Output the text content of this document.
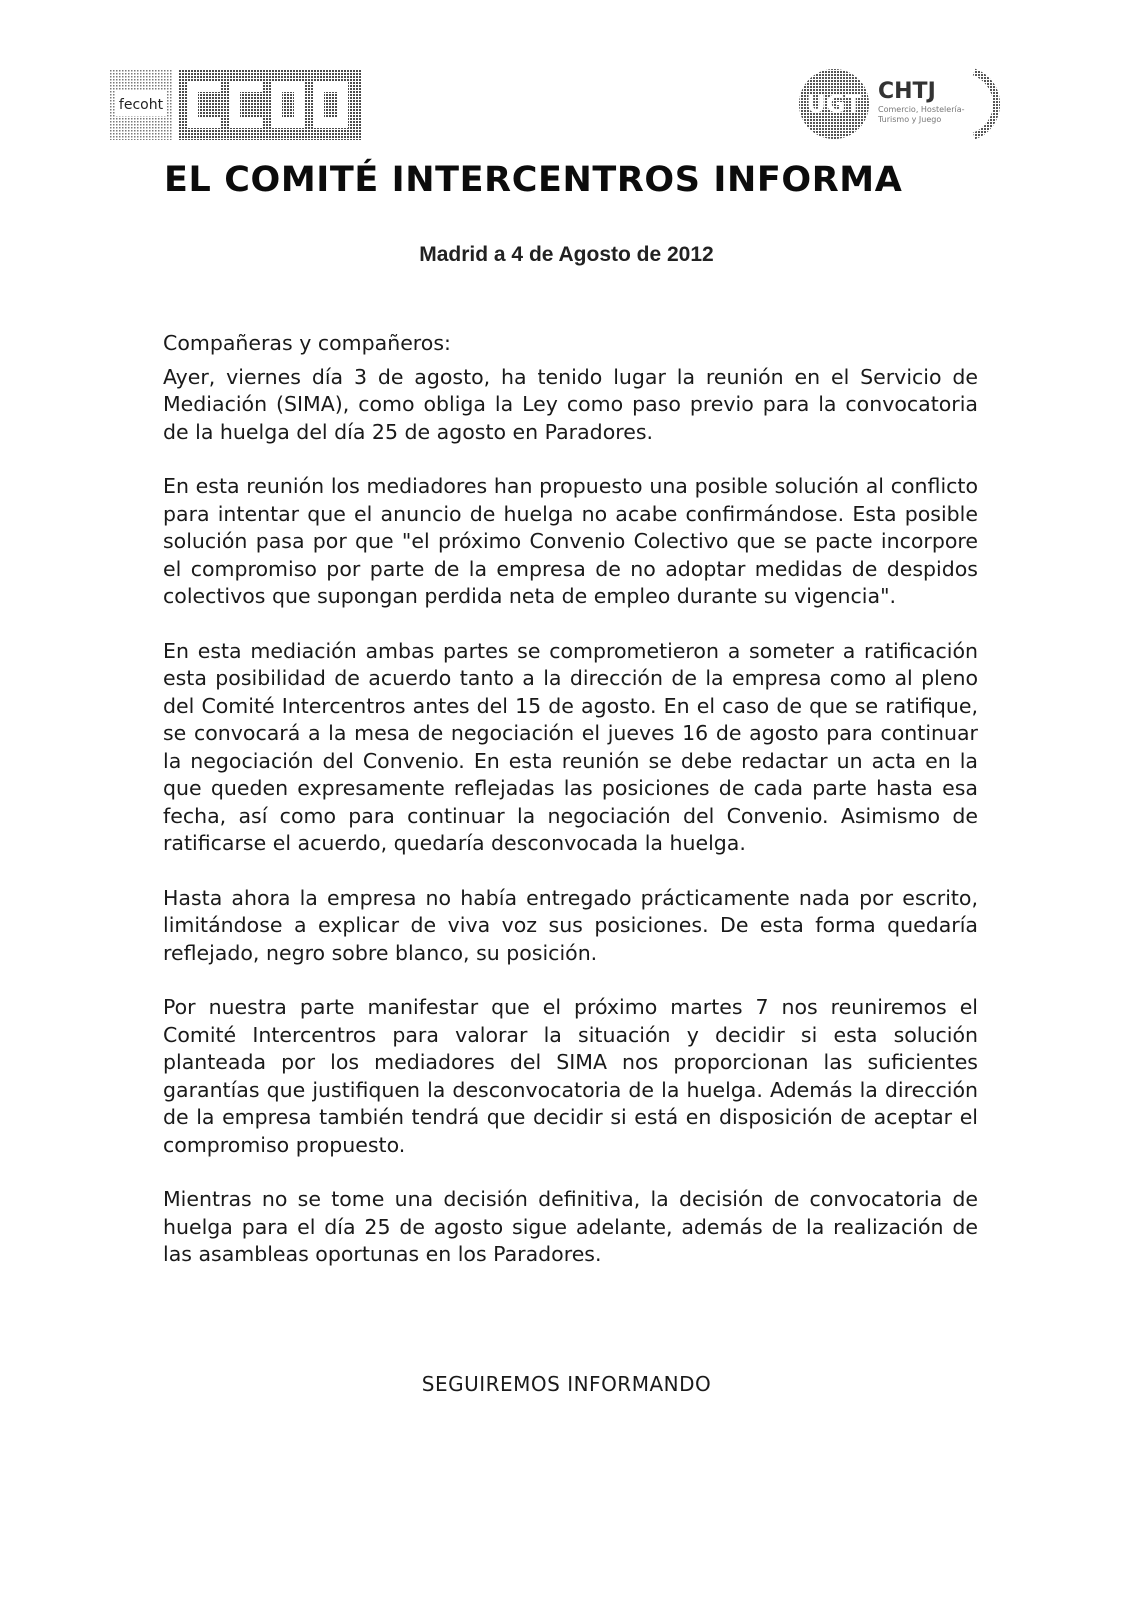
fecoht	UGT CHTJ
Comercio, Hostelería-
Turismo y Juego
EL COMITÉ INTERCENTROS INFORMA

Madrid a 4 de Agosto de 2012

Compañeras y compañeros:

Ayer, viernes día 3 de agosto, ha tenido lugar la reunión en el Servicio de Mediación (SIMA), como obliga la Ley como paso previo para la convocatoria de la huelga del día 25 de agosto en Paradores.

En esta reunión los mediadores han propuesto una posible solución al conflicto para intentar que el anuncio de huelga no acabe confirmándose. Esta posible solución pasa por que "el próximo Convenio Colectivo que se pacte incorpore el compromiso por parte de la empresa de no adoptar medidas de despidos colectivos que supongan perdida neta de empleo durante su vigencia".

En esta mediación ambas partes se comprometieron a someter a ratificación esta posibilidad de acuerdo tanto a la dirección de la empresa como al pleno del Comité Intercentros antes del 15 de agosto. En el caso de que se ratifique, se convocará a la mesa de negociación el jueves 16 de agosto para continuar la negociación del Convenio. En esta reunión se debe redactar un acta en la que queden expresamente reflejadas las posiciones de cada parte hasta esa fecha, así como para continuar la negociación del Convenio. Asimismo de ratificarse el acuerdo, quedaría desconvocada la huelga.

Hasta ahora la empresa no había entregado prácticamente nada por escrito, limitándose a explicar de viva voz sus posiciones. De esta forma quedaría reflejado, negro sobre blanco, su posición.

Por nuestra parte manifestar que el próximo martes 7 nos reuniremos el Comité Intercentros para valorar la situación y decidir si esta solución planteada por los mediadores del SIMA nos proporcionan las suficientes garantías que justifiquen la desconvocatoria de la huelga. Además la dirección de la empresa también tendrá que decidir si está en disposición de aceptar el compromiso propuesto.

Mientras no se tome una decisión definitiva, la decisión de convocatoria de huelga para el día 25 de agosto sigue adelante, además de la realización de las asambleas oportunas en los Paradores.

SEGUIREMOS INFORMANDO
